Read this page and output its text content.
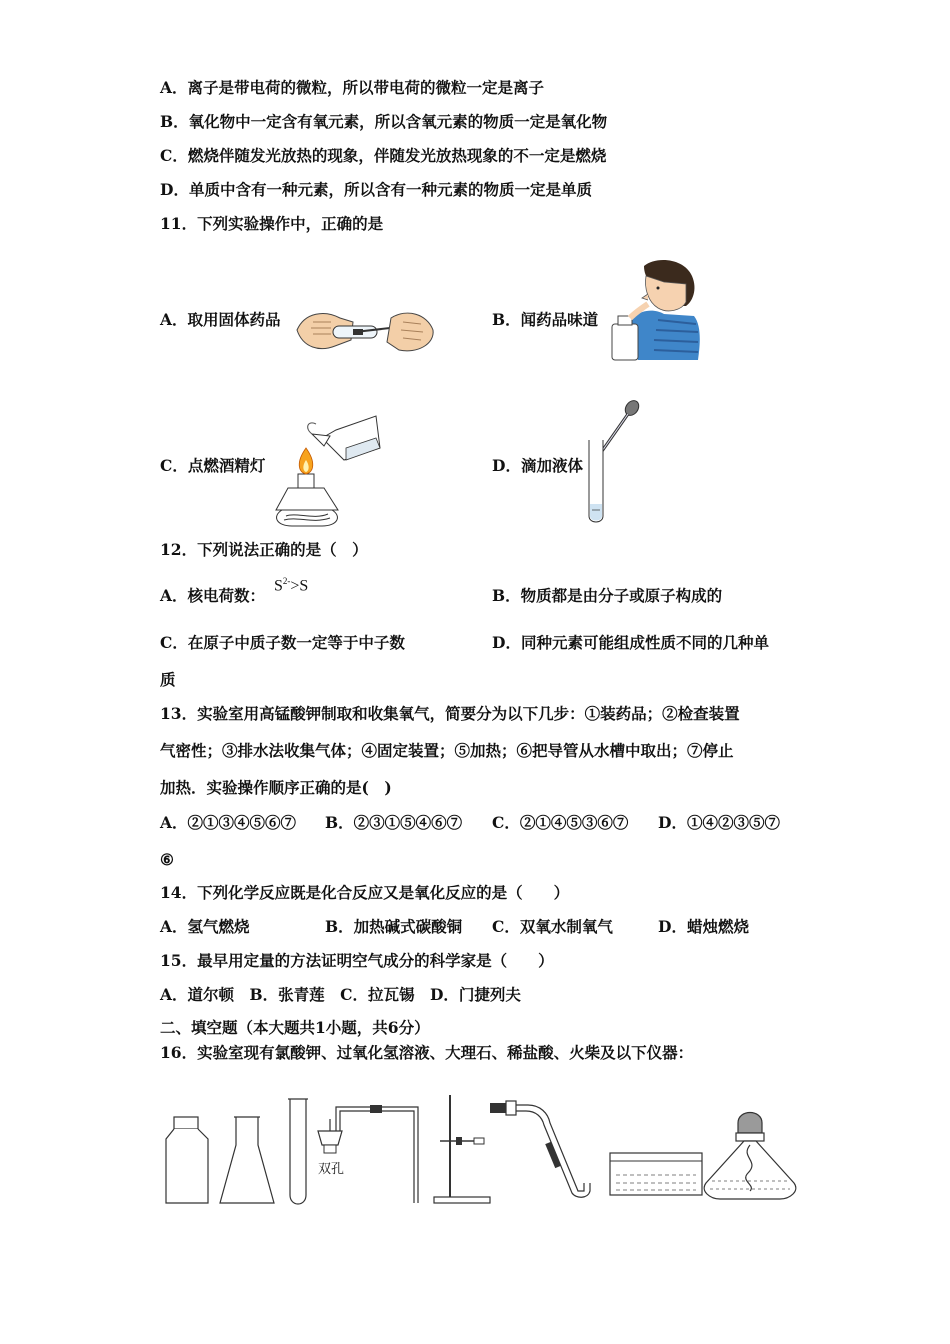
A．离子是带电荷的微粒，所以带电荷的微粒一定是离子
B．氧化物中一定含有氧元素，所以含氧元素的物质一定是氧化物
C．燃烧伴随发光放热的现象，伴随发光放热现象的不一定是燃烧
D．单质中含有一种元素，所以含有一种元素的物质一定是单质
11．下列实验操作中，正确的是
A．取用固体药品	B．闻药品味道
C．点燃酒精灯	D．滴加液体
12．下列说法正确的是（　）
A．核电荷数：
$S^{2-}>S$
B．物质都是由分子或原子构成的
C．在原子中质子数一定等于中子数	D．同种元素可能组成性质不同的几种单
质
13．实验室用高锰酸钾制取和收集氧气，简要分为以下几步：①装药品；②检查装置
气密性；③排水法收集气体；④固定装置；⑤加热；⑥把导管从水槽中取出；⑦停止
加热．实验操作顺序正确的是(　)
A．②①③④⑤⑥⑦ B．②③①⑤④⑥⑦ C．②①④⑤③⑥⑦ D．①④②③⑤⑦
⑥
14．下列化学反应既是化合反应又是氧化反应的是（　　）
A．氢气燃烧	B．加热碱式碳酸铜 C．双氧水制氧气	D．蜡烛燃烧
15．最早用定量的方法证明空气成分的科学家是（　　）
A．道尔顿　B．张青莲　C．拉瓦锡　D．门捷列夫
二、填空题（本大题共1小题，共6分）
16．实验室现有氯酸钾、过氧化氢溶液、大理石、稀盐酸、火柴及以下仪器：
双孔
